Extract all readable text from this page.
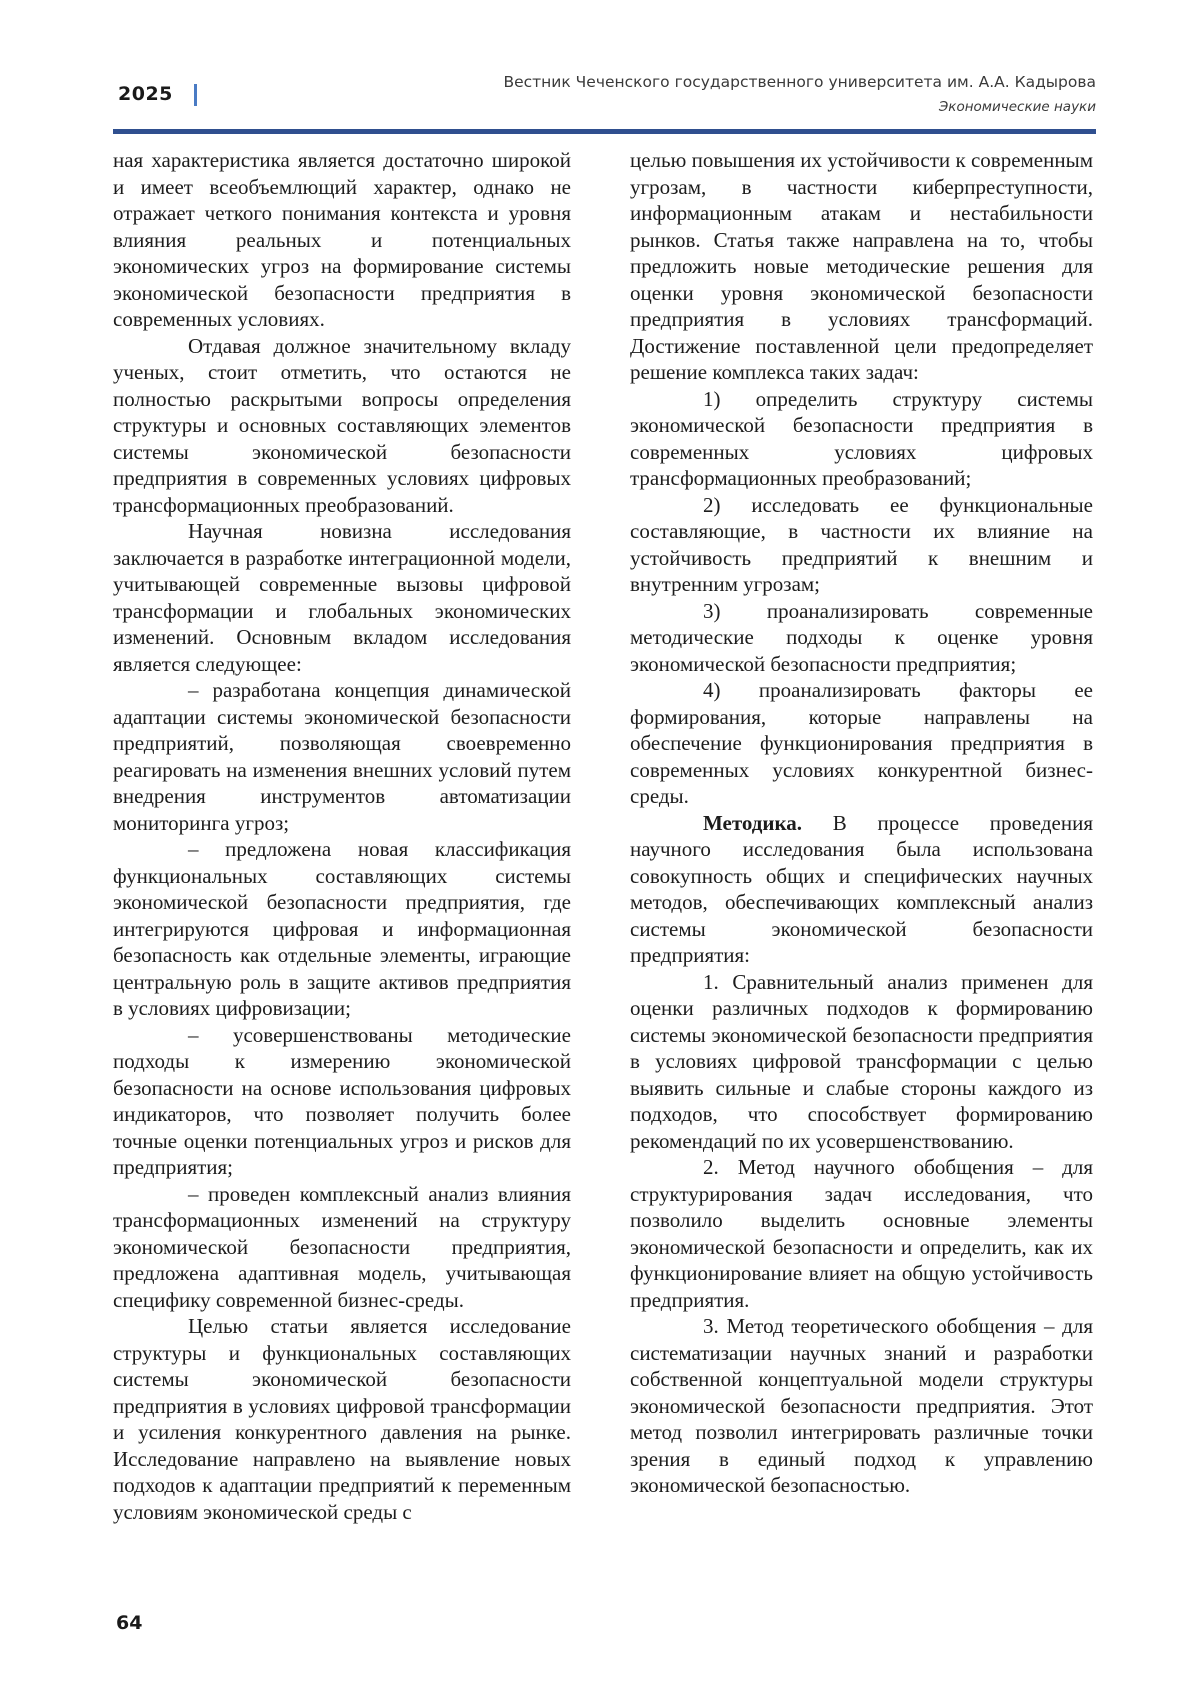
2025
Вестник Чеченского государственного университета им. А.А. Кадырова
Экономические науки

ная характеристика является достаточно широкой и имеет всеобъемлющий характер, однако не отражает четкого понимания контекста и уровня влияния реальных и потенциальных экономических угроз на формирование системы экономической безопасности предприятия в современных условиях.

Отдавая должное значительному вкладу ученых, стоит отметить, что остаются не полностью раскрытыми вопросы определения структуры и основных составляющих элементов системы экономической безопасности предприятия в современных условиях цифровых трансформационных преобразований.

Научная новизна исследования заключается в разработке интеграционной модели, учитывающей современные вызовы цифровой трансформации и глобальных экономических изменений. Основным вкладом исследования является следующее:

– разработана концепция динамической адаптации системы экономической безопасности предприятий, позволяющая своевременно реагировать на изменения внешних условий путем внедрения инструментов автоматизации мониторинга угроз;

– предложена новая классификация функциональных составляющих системы экономической безопасности предприятия, где интегрируются цифровая и информационная безопасность как отдельные элементы, играющие центральную роль в защите активов предприятия в условиях цифровизации;

– усовершенствованы методические подходы к измерению экономической безопасности на основе использования цифровых индикаторов, что позволяет получить более точные оценки потенциальных угроз и рисков для предприятия;

– проведен комплексный анализ влияния трансформационных изменений на структуру экономической безопасности предприятия, предложена адаптивная модель, учитывающая специфику современной бизнес-среды.

Целью статьи является исследование структуры и функциональных составляющих системы экономической безопасности предприятия в условиях цифровой трансформации и усиления конкурентного давления на рынке. Исследование направлено на выявление новых подходов к адаптации предприятий к переменным условиям экономической среды с

целью повышения их устойчивости к современным угрозам, в частности киберпреступности, информационным атакам и нестабильности рынков. Статья также направлена на то, чтобы предложить новые методические решения для оценки уровня экономической безопасности предприятия в условиях трансформаций. Достижение поставленной цели предопределяет решение комплекса таких задач:

1) определить структуру системы экономической безопасности предприятия в современных условиях цифровых трансформационных преобразований;

2) исследовать ее функциональные составляющие, в частности их влияние на устойчивость предприятий к внешним и внутренним угрозам;

3) проанализировать современные методические подходы к оценке уровня экономической безопасности предприятия;

4) проанализировать факторы ее формирования, которые направлены на обеспечение функционирования предприятия в современных условиях конкурентной бизнес-среды.

Методика. В процессе проведения научного исследования была использована совокупность общих и специфических научных методов, обеспечивающих комплексный анализ системы экономической безопасности предприятия:

1. Сравнительный анализ применен для оценки различных подходов к формированию системы экономической безопасности предприятия в условиях цифровой трансформации с целью выявить сильные и слабые стороны каждого из подходов, что способствует формированию рекомендаций по их усовершенствованию.

2. Метод научного обобщения – для структурирования задач исследования, что позволило выделить основные элементы экономической безопасности и определить, как их функционирование влияет на общую устойчивость предприятия.

3. Метод теоретического обобщения – для систематизации научных знаний и разработки собственной концептуальной модели структуры экономической безопасности предприятия. Этот метод позволил интегрировать различные точки зрения в единый подход к управлению экономической безопасностью.

64
